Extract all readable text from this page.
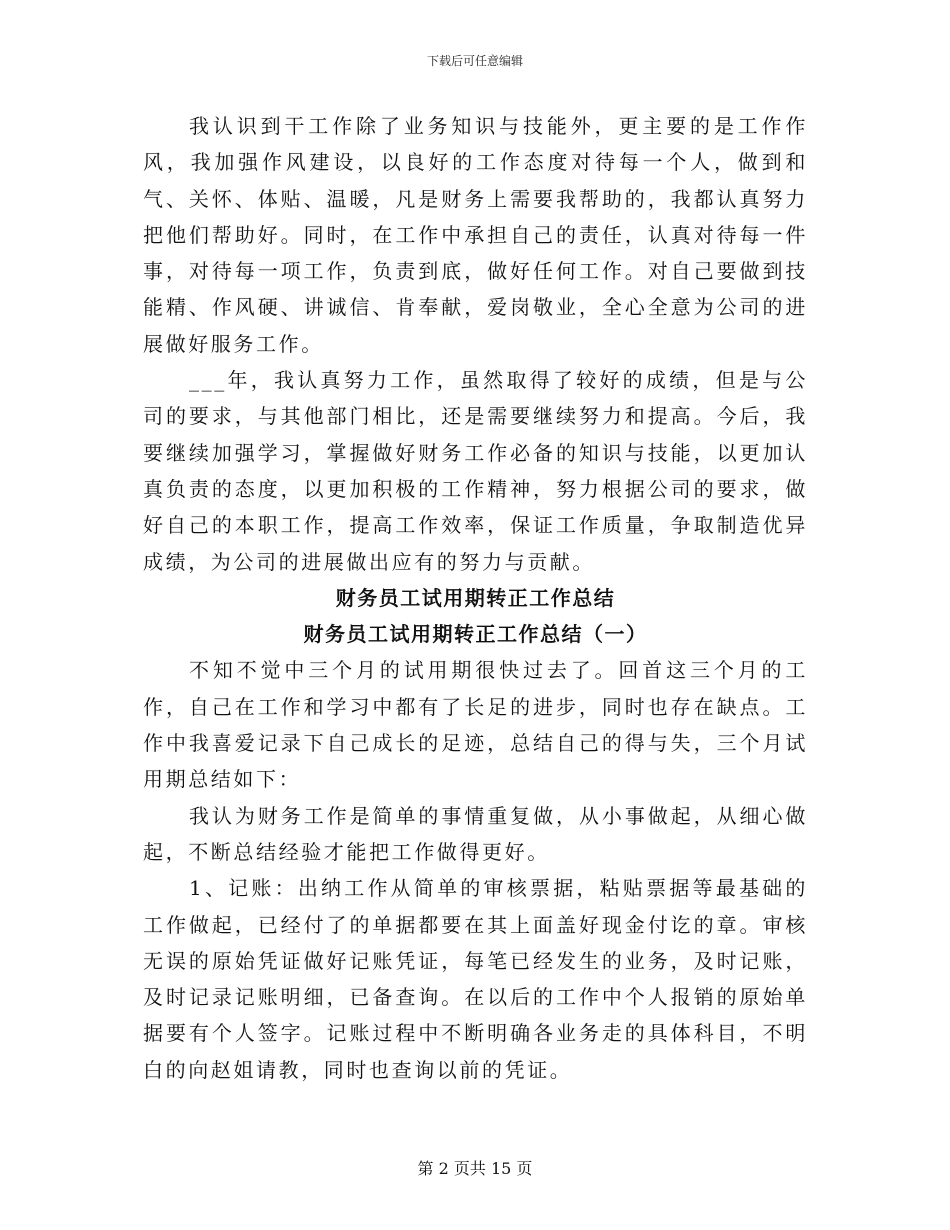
下载后可任意编辑

我认识到干工作除了业务知识与技能外，更主要的是工作作风，我加强作风建设，以良好的工作态度对待每一个人，做到和气、关怀、体贴、温暖，凡是财务上需要我帮助的，我都认真努力把他们帮助好。同时，在工作中承担自己的责任，认真对待每一件事，对待每一项工作，负责到底，做好任何工作。对自己要做到技能精、作风硬、讲诚信、肯奉献，爱岗敬业，全心全意为公司的进展做好服务工作。

___年，我认真努力工作，虽然取得了较好的成绩，但是与公司的要求，与其他部门相比，还是需要继续努力和提高。今后，我要继续加强学习，掌握做好财务工作必备的知识与技能，以更加认真负责的态度，以更加积极的工作精神，努力根据公司的要求，做好自己的本职工作，提高工作效率，保证工作质量，争取制造优异成绩，为公司的进展做出应有的努力与贡献。

财务员工试用期转正工作总结
财务员工试用期转正工作总结（一）

不知不觉中三个月的试用期很快过去了。回首这三个月的工作，自己在工作和学习中都有了长足的进步，同时也存在缺点。工作中我喜爱记录下自己成长的足迹，总结自己的得与失，三个月试用期总结如下：

我认为财务工作是简单的事情重复做，从小事做起，从细心做起，不断总结经验才能把工作做得更好。

1、记账：出纳工作从简单的审核票据，粘贴票据等最基础的工作做起，已经付了的单据都要在其上面盖好现金付讫的章。审核无误的原始凭证做好记账凭证，每笔已经发生的业务，及时记账，及时记录记账明细，已备查询。在以后的工作中个人报销的原始单据要有个人签字。记账过程中不断明确各业务走的具体科目，不明白的向赵姐请教，同时也查询以前的凭证。

第 2 页共 15 页
